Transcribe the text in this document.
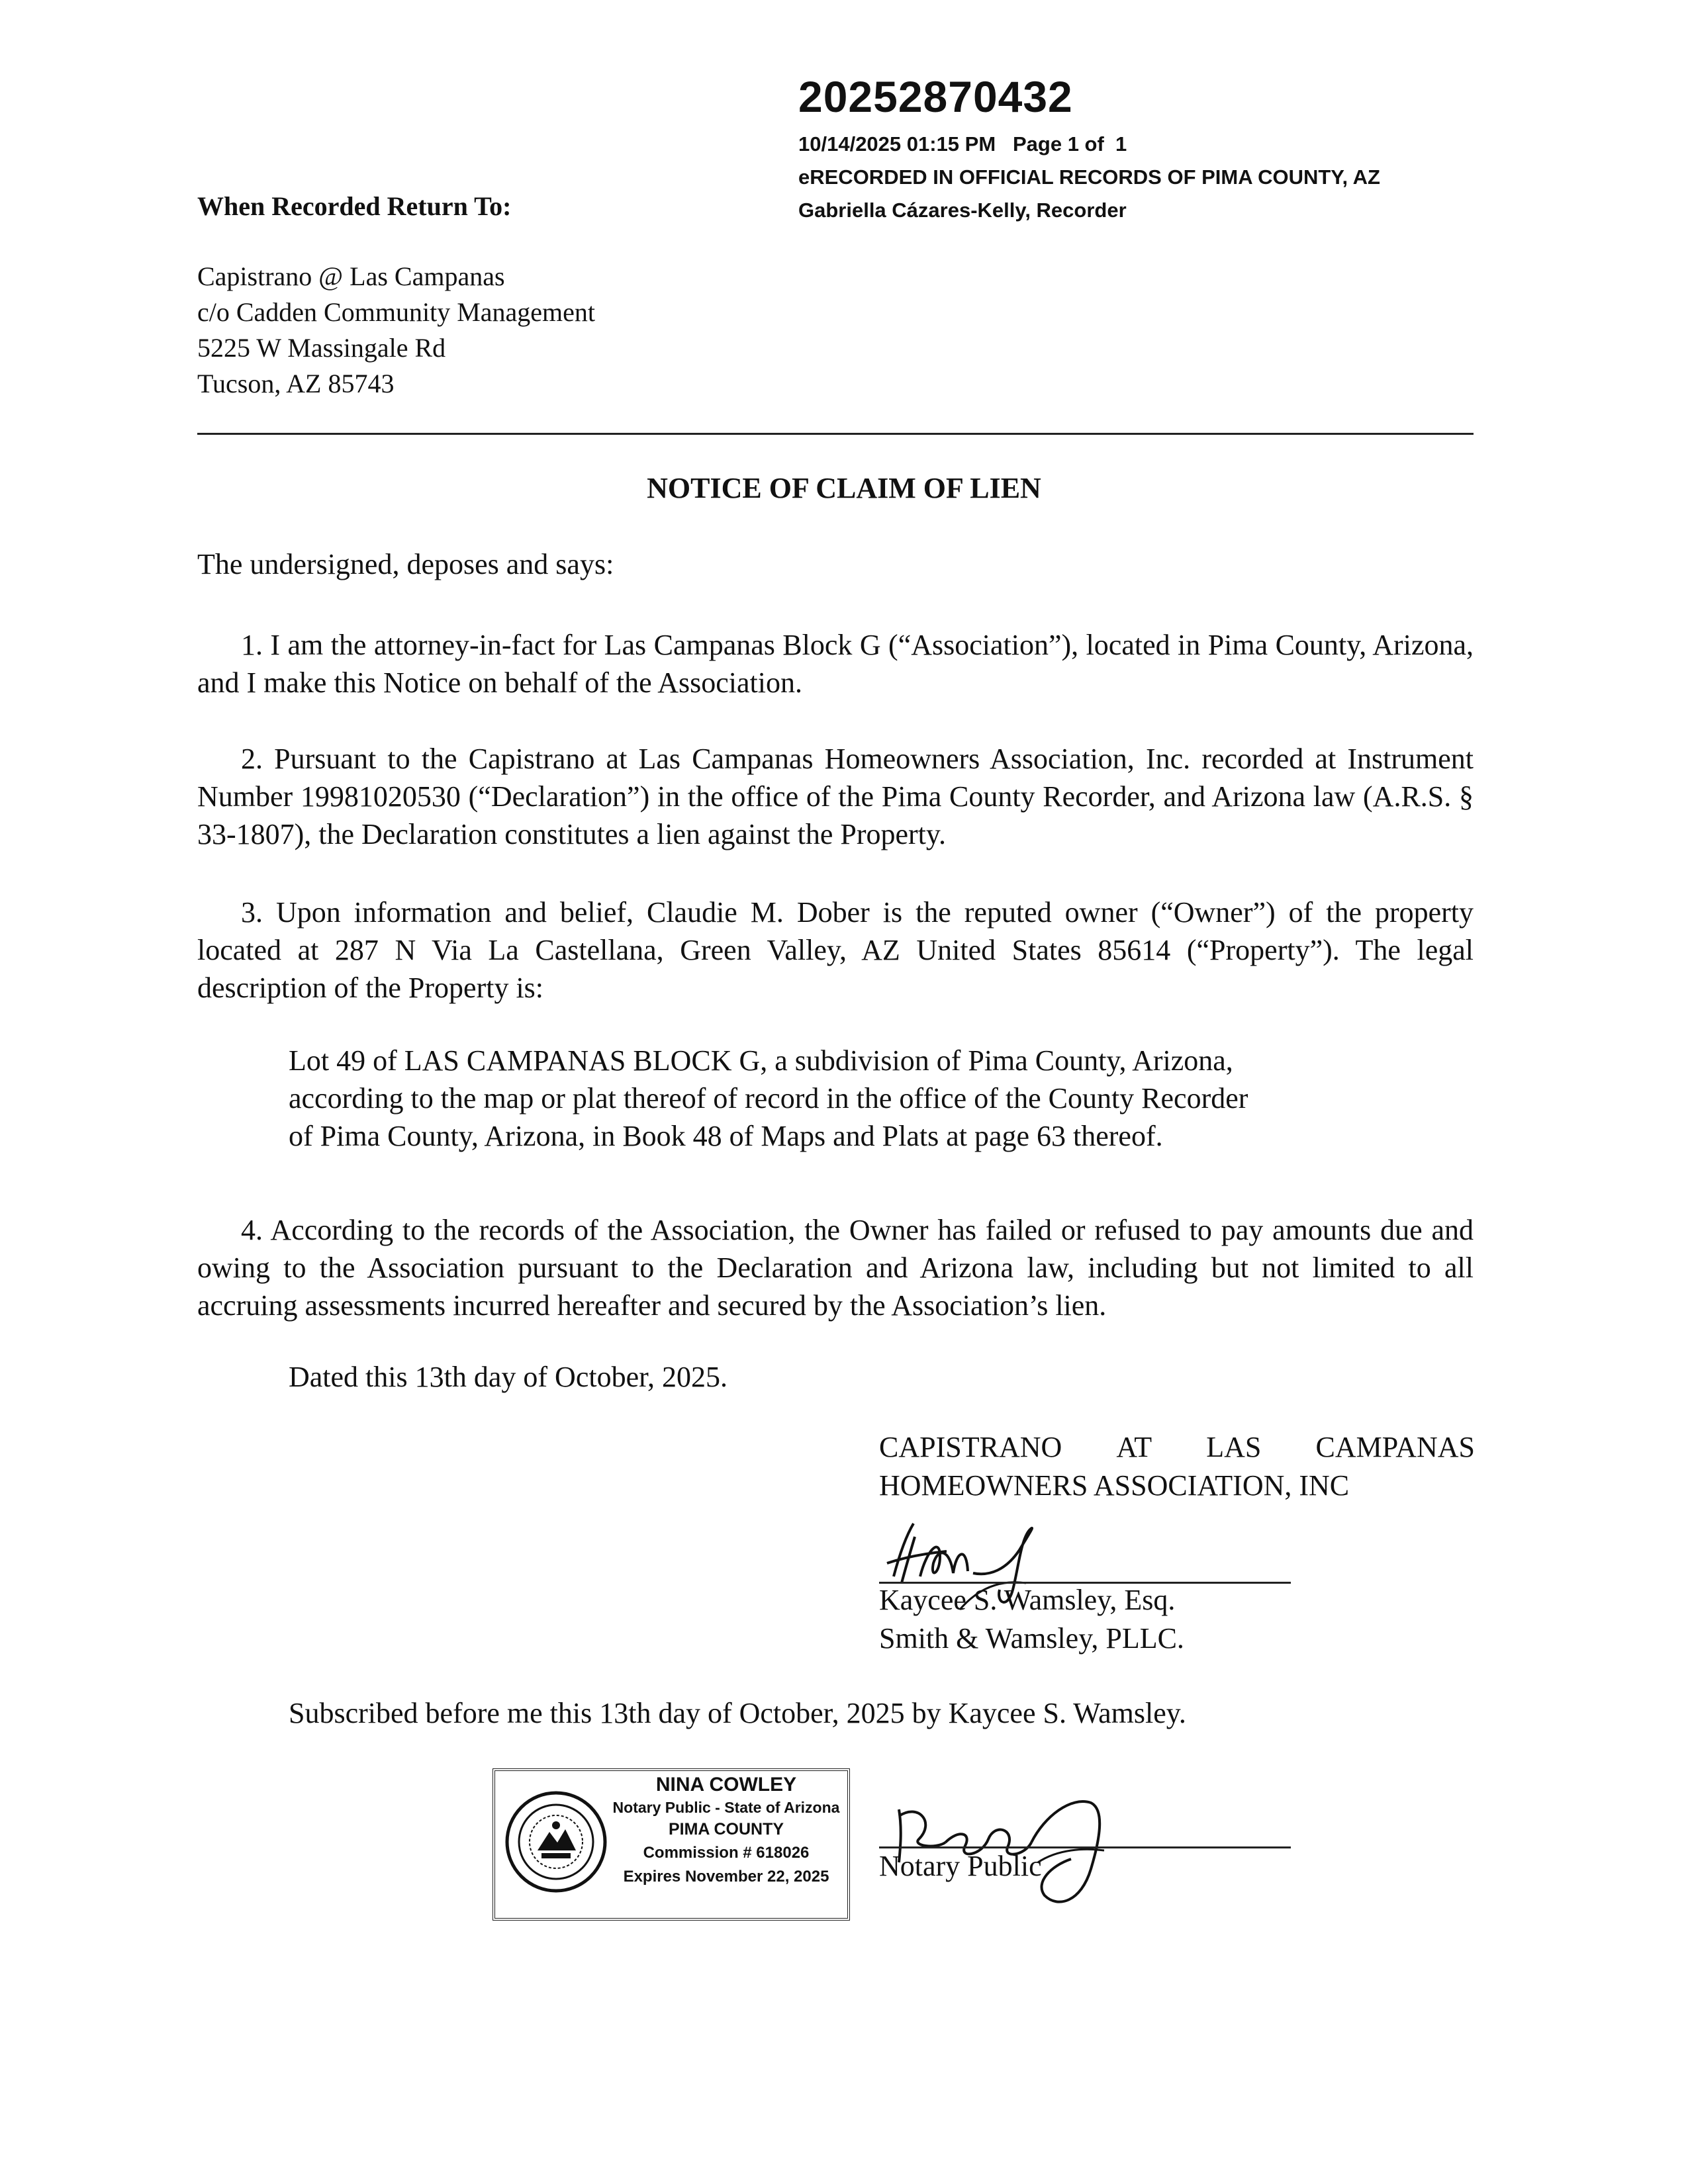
20252870432
10/14/2025 01:15 PM   Page 1 of  1
eRECORDED IN OFFICIAL RECORDS OF PIMA COUNTY, AZ
Gabriella Cázares-Kelly, Recorder
When Recorded Return To:
Capistrano @ Las Campanas
c/o Cadden Community Management
5225 W Massingale Rd
Tucson, AZ 85743
NOTICE OF CLAIM OF LIEN
The undersigned, deposes and says:
1. I am the attorney-in-fact for Las Campanas Block G (“Association”), located in Pima County, Arizona, and I make this Notice on behalf of the Association.
2. Pursuant to the Capistrano at Las Campanas Homeowners Association, Inc. recorded at Instrument Number 19981020530 (“Declaration”) in the office of the Pima County Recorder, and Arizona law (A.R.S. § 33-1807), the Declaration constitutes a lien against the Property.
3. Upon information and belief, Claudie M. Dober is the reputed owner (“Owner”) of the property located at 287 N Via La Castellana, Green Valley, AZ United States 85614 (“Property”). The legal description of the Property is:
Lot 49 of LAS CAMPANAS BLOCK G, a subdivision of Pima County, Arizona,
according to the map or plat thereof of record in the office of the County Recorder
of Pima County, Arizona, in Book 48 of Maps and Plats at page 63 thereof.
4. According to the records of the Association, the Owner has failed or refused to pay amounts due and owing to the Association pursuant to the Declaration and Arizona law, including but not limited to all accruing assessments incurred hereafter and secured by the Association’s lien.
Dated this 13th day of October, 2025.
CAPISTRANO AT LAS CAMPANAS
HOMEOWNERS ASSOCIATION, INC
Kaycee S. Wamsley, Esq.
Smith & Wamsley, PLLC.
Subscribed before me this 13th day of October, 2025 by Kaycee S. Wamsley.
NINA COWLEY
Notary Public - State of Arizona
PIMA COUNTY
Commission # 618026
Expires November 22, 2025	Notary Public
